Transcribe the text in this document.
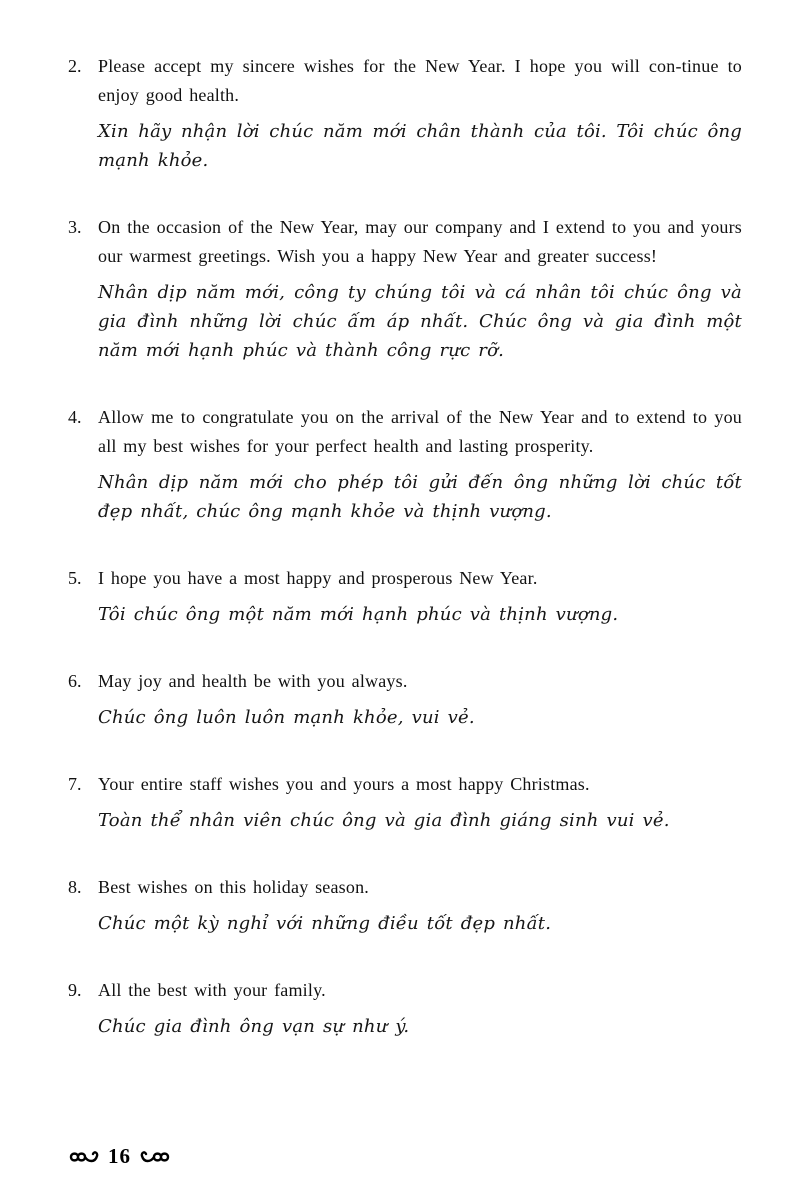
2. Please accept my sincere wishes for the New Year. I hope you will con-tinue to enjoy good health.

Xin hãy nhận lời chúc năm mới chân thành của tôi. Tôi chúc ông mạnh khỏe.

3. On the occasion of the New Year, may our company and I extend to you and yours our warmest greetings. Wish you a happy New Year and greater success!

Nhân dịp năm mới, công ty chúng tôi và cá nhân tôi chúc ông và gia đình những lời chúc ấm áp nhất. Chúc ông và gia đình một năm mới hạnh phúc và thành công rực rỡ.

4. Allow me to congratulate you on the arrival of the New Year and to extend to you all my best wishes for your perfect health and lasting prosperity.

Nhân dịp năm mới cho phép tôi gửi đến ông những lời chúc tốt đẹp nhất, chúc ông mạnh khỏe và thịnh vượng.

5. I hope you have a most happy and prosperous New Year.

Tôi chúc ông một năm mới hạnh phúc và thịnh vượng.

6. May joy and health be with you always.

Chúc ông luôn luôn mạnh khỏe, vui vẻ.

7. Your entire staff wishes you and yours a most happy Christmas.

Toàn thể nhân viên chúc ông và gia đình giáng sinh vui vẻ.

8. Best wishes on this holiday season.

Chúc một kỳ nghỉ với những điều tốt đẹp nhất.

9. All the best with your family.

Chúc gia đình ông vạn sự như ý.

16
